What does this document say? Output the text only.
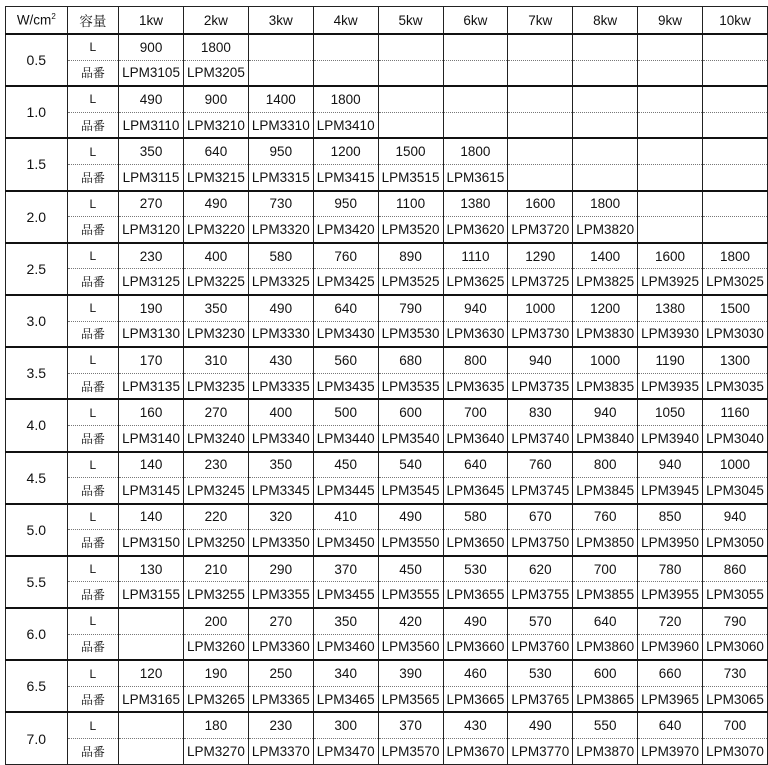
$W/cm^2$	容量	1kw	2kw	3kw	4kw	5kw	6kw	7kw	8kw	9kw	10kw
0.5	L	900	1800								
	品番	LPM3105	LPM3205								
1.0	L	490	900	1400	1800						
	品番	LPM3110	LPM3210	LPM3310	LPM3410						
1.5	L	350	640	950	1200	1500	1800				
	品番	LPM3115	LPM3215	LPM3315	LPM3415	LPM3515	LPM3615				
2.0	L	270	490	730	950	1100	1380	1600	1800		
	品番	LPM3120	LPM3220	LPM3320	LPM3420	LPM3520	LPM3620	LPM3720	LPM3820		
2.5	L	230	400	580	760	890	1110	1290	1400	1600	1800
	品番	LPM3125	LPM3225	LPM3325	LPM3425	LPM3525	LPM3625	LPM3725	LPM3825	LPM3925	LPM3025
3.0	L	190	350	490	640	790	940	1000	1200	1380	1500
	品番	LPM3130	LPM3230	LPM3330	LPM3430	LPM3530	LPM3630	LPM3730	LPM3830	LPM3930	LPM3030
3.5	L	170	310	430	560	680	800	940	1000	1190	1300
	品番	LPM3135	LPM3235	LPM3335	LPM3435	LPM3535	LPM3635	LPM3735	LPM3835	LPM3935	LPM3035
4.0	L	160	270	400	500	600	700	830	940	1050	1160
	品番	LPM3140	LPM3240	LPM3340	LPM3440	LPM3540	LPM3640	LPM3740	LPM3840	LPM3940	LPM3040
4.5	L	140	230	350	450	540	640	760	800	940	1000
	品番	LPM3145	LPM3245	LPM3345	LPM3445	LPM3545	LPM3645	LPM3745	LPM3845	LPM3945	LPM3045
5.0	L	140	220	320	410	490	580	670	760	850	940
	品番	LPM3150	LPM3250	LPM3350	LPM3450	LPM3550	LPM3650	LPM3750	LPM3850	LPM3950	LPM3050
5.5	L	130	210	290	370	450	530	620	700	780	860
	品番	LPM3155	LPM3255	LPM3355	LPM3455	LPM3555	LPM3655	LPM3755	LPM3855	LPM3955	LPM3055
6.0	L		200	270	350	420	490	570	640	720	790
	品番		LPM3260	LPM3360	LPM3460	LPM3560	LPM3660	LPM3760	LPM3860	LPM3960	LPM3060
6.5	L	120	190	250	340	390	460	530	600	660	730
	品番	LPM3165	LPM3265	LPM3365	LPM3465	LPM3565	LPM3665	LPM3765	LPM3865	LPM3965	LPM3065
7.0	L		180	230	300	370	430	490	550	640	700
	品番		LPM3270	LPM3370	LPM3470	LPM3570	LPM3670	LPM3770	LPM3870	LPM3970	LPM3070
